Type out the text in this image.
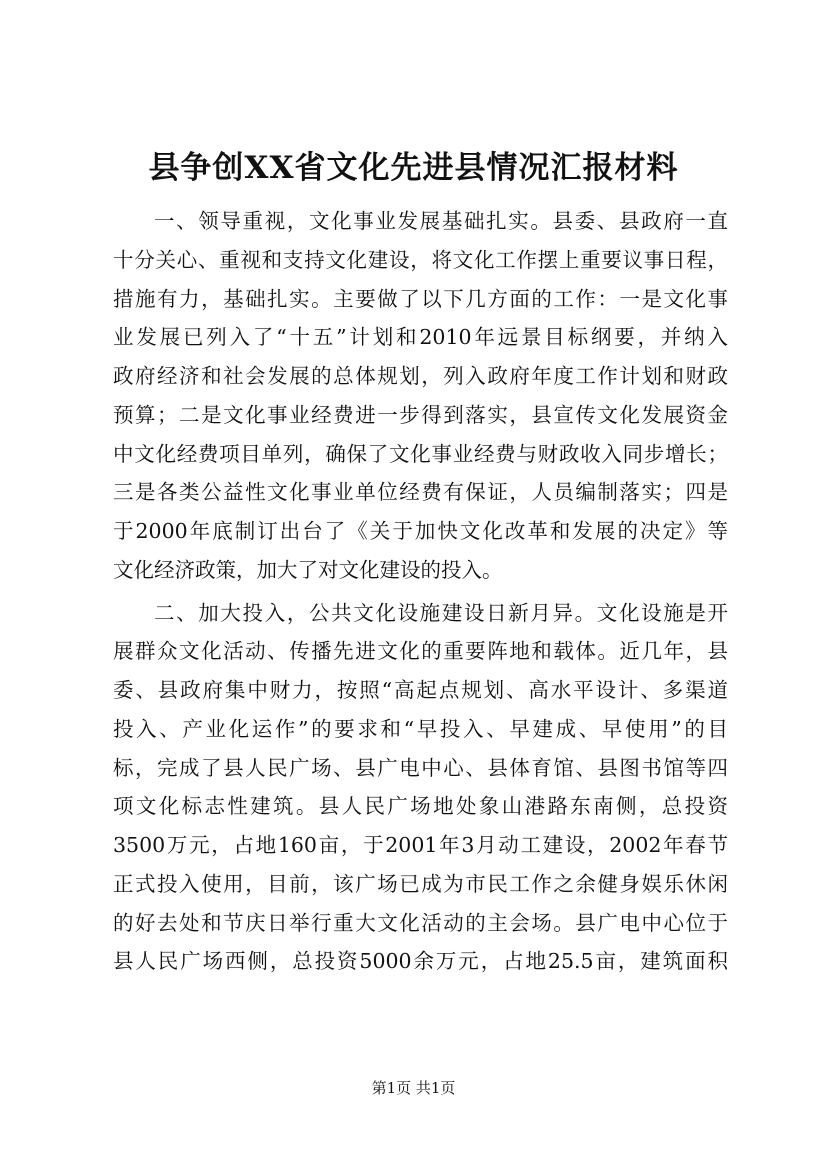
县争创XX省文化先进县情况汇报材料
一、领导重视，文化事业发展基础扎实。县委、县政府一直
十分关心、重视和支持文化建设，将文化工作摆上重要议事日程，
措施有力，基础扎实。主要做了以下几方面的工作：一是文化事
业发展已列入了“十五”计划和2010年远景目标纲要，并纳入
政府经济和社会发展的总体规划，列入政府年度工作计划和财政
预算；二是文化事业经费进一步得到落实，县宣传文化发展资金
中文化经费项目单列，确保了文化事业经费与财政收入同步增长；
三是各类公益性文化事业单位经费有保证，人员编制落实；四是
于2000年底制订出台了《关于加快文化改革和发展的决定》等
文化经济政策，加大了对文化建设的投入。
二、加大投入，公共文化设施建设日新月异。文化设施是开
展群众文化活动、传播先进文化的重要阵地和载体。近几年，县
委、县政府集中财力，按照“高起点规划、高水平设计、多渠道
投入、产业化运作”的要求和“早投入、早建成、早使用”的目
标，完成了县人民广场、县广电中心、县体育馆、县图书馆等四
项文化标志性建筑。县人民广场地处象山港路东南侧，总投资
3500万元，占地160亩，于2001年3月动工建设，2002年春节
正式投入使用，目前，该广场已成为市民工作之余健身娱乐休闲
的好去处和节庆日举行重大文化活动的主会场。县广电中心位于
县人民广场西侧，总投资5000余万元，占地25.5亩，建筑面积
第1页 共1页
